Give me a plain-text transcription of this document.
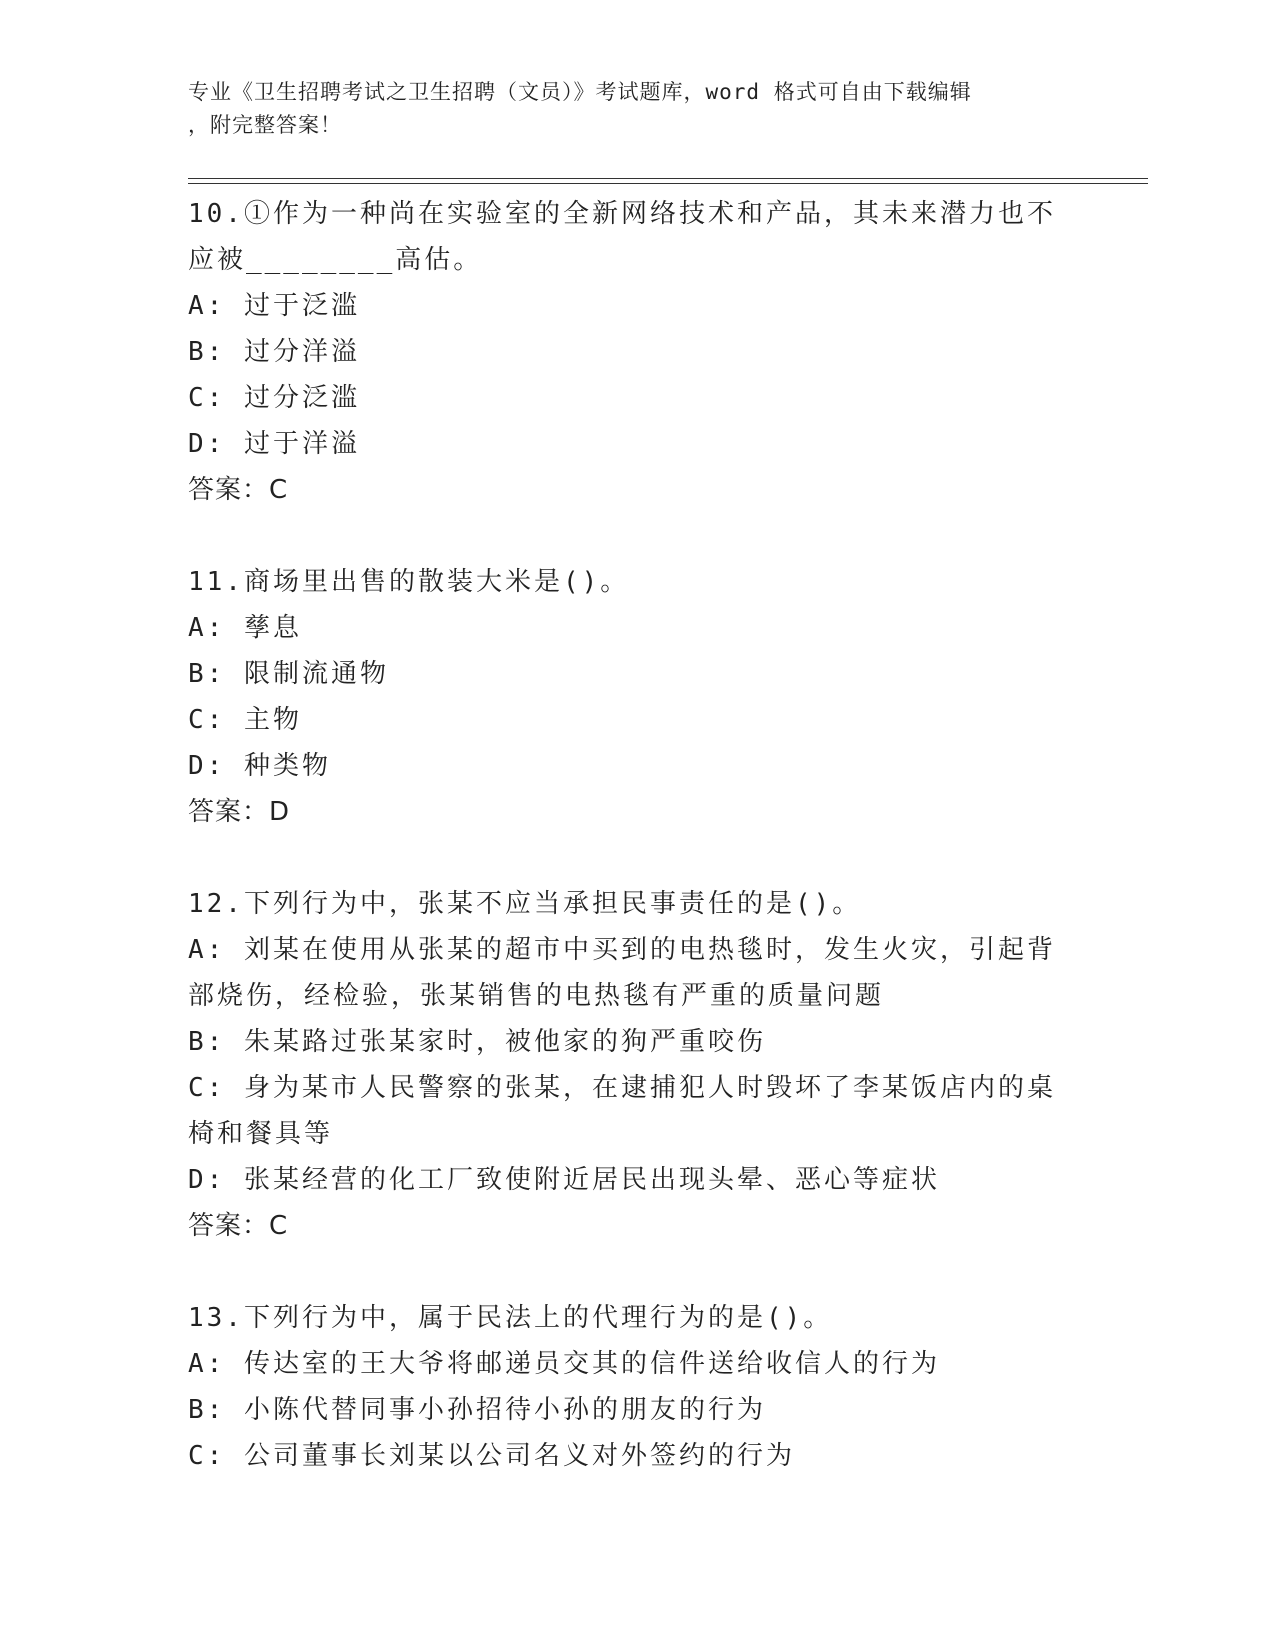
专业《卫生招聘考试之卫生招聘（文员）》考试题库，word 格式可自由下载编辑
，附完整答案！

10.①作为一种尚在实验室的全新网络技术和产品，其未来潜力也不应被________高估。

A: 过于泛滥

B: 过分洋溢

C: 过分泛滥

D: 过于洋溢

答案：C

11.商场里出售的散装大米是()。

A: 孳息

B: 限制流通物

C: 主物

D: 种类物

答案：D

12.下列行为中，张某不应当承担民事责任的是()。

A: 刘某在使用从张某的超市中买到的电热毯时，发生火灾，引起背部烧伤，经检验，张某销售的电热毯有严重的质量问题

B: 朱某路过张某家时，被他家的狗严重咬伤

C: 身为某市人民警察的张某，在逮捕犯人时毁坏了李某饭店内的桌椅和餐具等

D: 张某经营的化工厂致使附近居民出现头晕、恶心等症状

答案：C

13.下列行为中，属于民法上的代理行为的是()。

A: 传达室的王大爷将邮递员交其的信件送给收信人的行为

B: 小陈代替同事小孙招待小孙的朋友的行为

C: 公司董事长刘某以公司名义对外签约的行为
